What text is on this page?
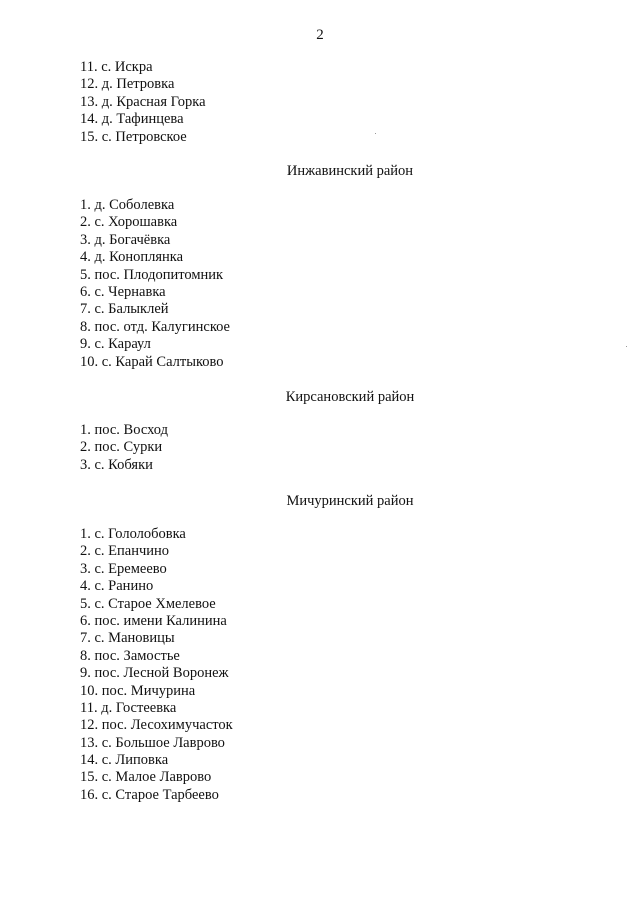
2
11. с. Искра
12. д. Петровка
13. д. Красная Горка
14. д. Тафинцева
15. с. Петровское
Инжавинский район
1. д. Соболевка
2. с. Хорошавка
3. д. Богачёвка
4. д. Коноплянка
5. пос. Плодопитомник
6. с. Чернавка
7. с. Балыклей
8. пос. отд. Калугинское
9. с. Караул
10. с. Карай Салтыково
Кирсановский район
1. пос. Восход
2. пос. Сурки
3. с. Кобяки
Мичуринский район
1. с. Гололобовка
2. с. Епанчино
3. с. Еремеево
4. с. Ранино
5. с. Старое Хмелевое
6. пос. имени Калинина
7. с. Мановицы
8. пос. Замостье
9. пос. Лесной Воронеж
10. пос. Мичурина
11. д. Гостеевка
12. пос. Лесохимучасток
13. с. Большое Лаврово
14. с. Липовка
15. с. Малое Лаврово
16. с. Старое Тарбеево
